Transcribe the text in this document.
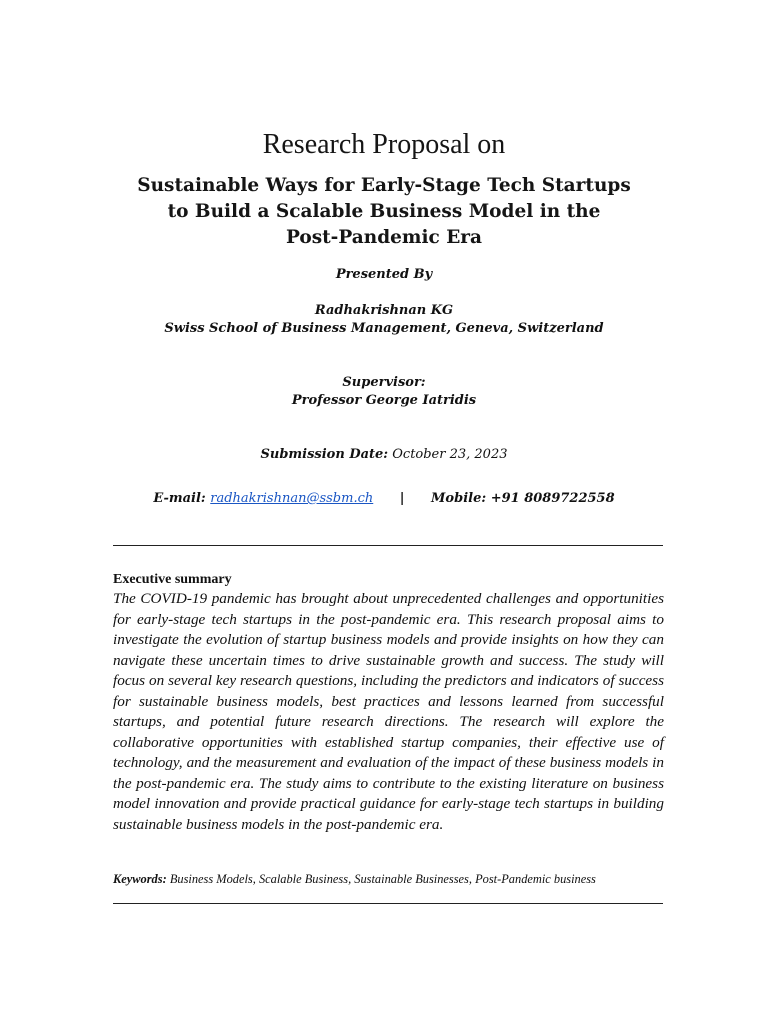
Research Proposal on
Sustainable Ways for Early-Stage Tech Startups
to Build a Scalable Business Model in the
Post-Pandemic Era
Presented By
Radhakrishnan KG
Swiss School of Business Management, Geneva, Switzerland
Supervisor:
Professor George Iatridis
Submission Date: October 23, 2023
E-mail: radhakrishnan@ssbm.ch | Mobile: +91 8089722558
Executive summary

The COVID-19 pandemic has brought about unprecedented challenges and opportunities for early-stage tech startups in the post-pandemic era. This research proposal aims to investigate the evolution of startup business models and provide insights on how they can navigate these uncertain times to drive sustainable growth and success. The study will focus on several key research questions, including the predictors and indicators of success for sustainable business models, best practices and lessons learned from successful startups, and potential future research directions. The research will explore the collaborative opportunities with established startup companies, their effective use of technology, and the measurement and evaluation of the impact of these business models in the post-pandemic era. The study aims to contribute to the existing literature on business model innovation and provide practical guidance for early-stage tech startups in building sustainable business models in the post-pandemic era.

Keywords: Business Models, Scalable Business, Sustainable Businesses, Post-Pandemic business
